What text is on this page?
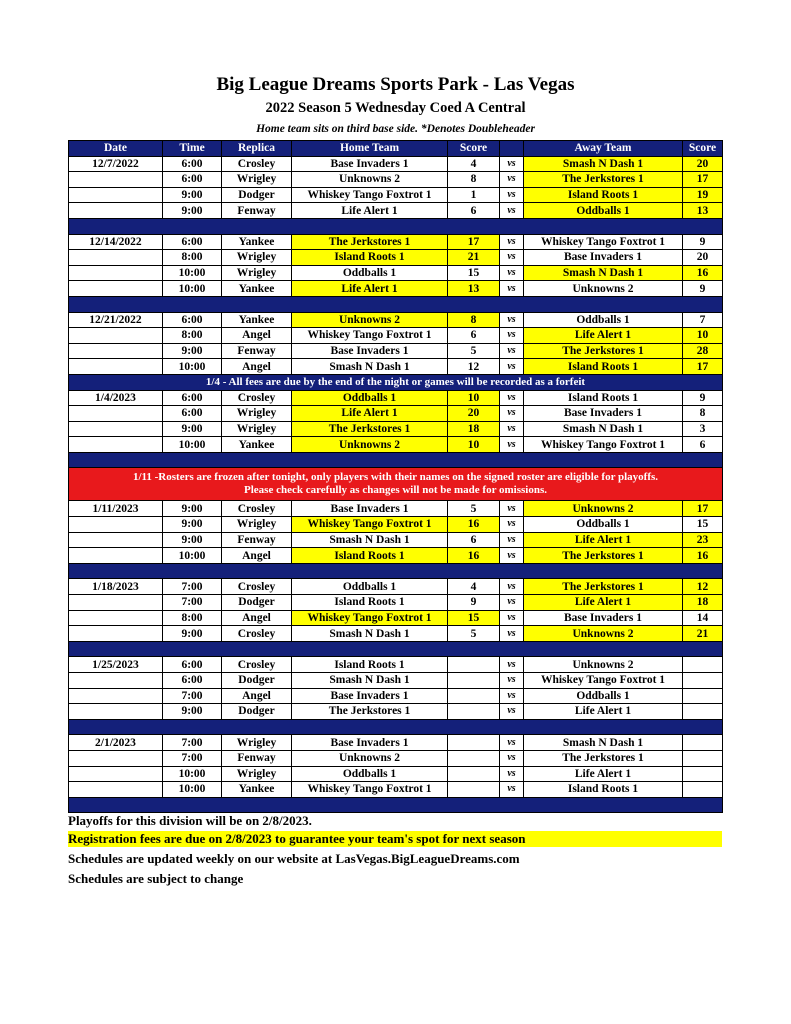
Big League Dreams Sports Park - Las Vegas
2022 Season 5 Wednesday Coed A Central
Home team sits on third base side. *Denotes Doubleheader
Date	Time	Replica	Home Team	Score		Away Team	Score
12/7/2022	6:00	Crosley	Base Invaders 1	4	vs	Smash N Dash 1	20
	6:00	Wrigley	Unknowns 2	8	vs	The Jerkstores 1	17
	9:00	Dodger	Whiskey Tango Foxtrot 1	1	vs	Island Roots 1	19
	9:00	Fenway	Life Alert 1	6	vs	Oddballs 1	13

12/14/2022	6:00	Yankee	The Jerkstores 1	17	vs	Whiskey Tango Foxtrot 1	9
	8:00	Wrigley	Island Roots 1	21	vs	Base Invaders 1	20
	10:00	Wrigley	Oddballs 1	15	vs	Smash N Dash 1	16
	10:00	Yankee	Life Alert 1	13	vs	Unknowns 2	9

12/21/2022	6:00	Yankee	Unknowns 2	8	vs	Oddballs 1	7
	8:00	Angel	Whiskey Tango Foxtrot 1	6	vs	Life Alert 1	10
	9:00	Fenway	Base Invaders 1	5	vs	The Jerkstores 1	28
	10:00	Angel	Smash N Dash 1	12	vs	Island Roots 1	17
1/4 - All fees are due by the end of the night or games will be recorded as a forfeit							
1/4/2023	6:00	Crosley	Oddballs 1	10	vs	Island Roots 1	9
	6:00	Wrigley	Life Alert 1	20	vs	Base Invaders 1	8
	9:00	Wrigley	The Jerkstores 1	18	vs	Smash N Dash 1	3
	10:00	Yankee	Unknowns 2	10	vs	Whiskey Tango Foxtrot 1	6

1/11 -Rosters are frozen after tonight, only players with their names on the signed roster are eligible for playoffs.
Please check carefully as changes will not be made for omissions.							

1/11/2023	9:00	Crosley	Base Invaders 1	5	vs	Unknowns 2	17
	9:00	Wrigley	Whiskey Tango Foxtrot 1	16	vs	Oddballs 1	15
	9:00	Fenway	Smash N Dash 1	6	vs	Life Alert 1	23
	10:00	Angel	Island Roots 1	16	vs	The Jerkstores 1	16

1/18/2023	7:00	Crosley	Oddballs 1	4	vs	The Jerkstores 1	12
	7:00	Dodger	Island Roots 1	9	vs	Life Alert 1	18
	8:00	Angel	Whiskey Tango Foxtrot 1	15	vs	Base Invaders 1	14
	9:00	Crosley	Smash N Dash 1	5	vs	Unknowns 2	21

1/25/2023	6:00	Crosley	Island Roots 1		vs	Unknowns 2	
	6:00	Dodger	Smash N Dash 1		vs	Whiskey Tango Foxtrot 1	
	7:00	Angel	Base Invaders 1		vs	Oddballs 1	
	9:00	Dodger	The Jerkstores 1		vs	Life Alert 1	

2/1/2023	7:00	Wrigley	Base Invaders 1		vs	Smash N Dash 1	
	7:00	Fenway	Unknowns 2		vs	The Jerkstores 1	
	10:00	Wrigley	Oddballs 1		vs	Life Alert 1	
	10:00	Yankee	Whiskey Tango Foxtrot 1		vs	Island Roots 1	

Playoffs for this division will be on 2/8/2023.
Registration fees are due on 2/8/2023 to guarantee your team's spot for next season
Schedules are updated weekly on our website at LasVegas.BigLeagueDreams.com
Schedules are subject to change
